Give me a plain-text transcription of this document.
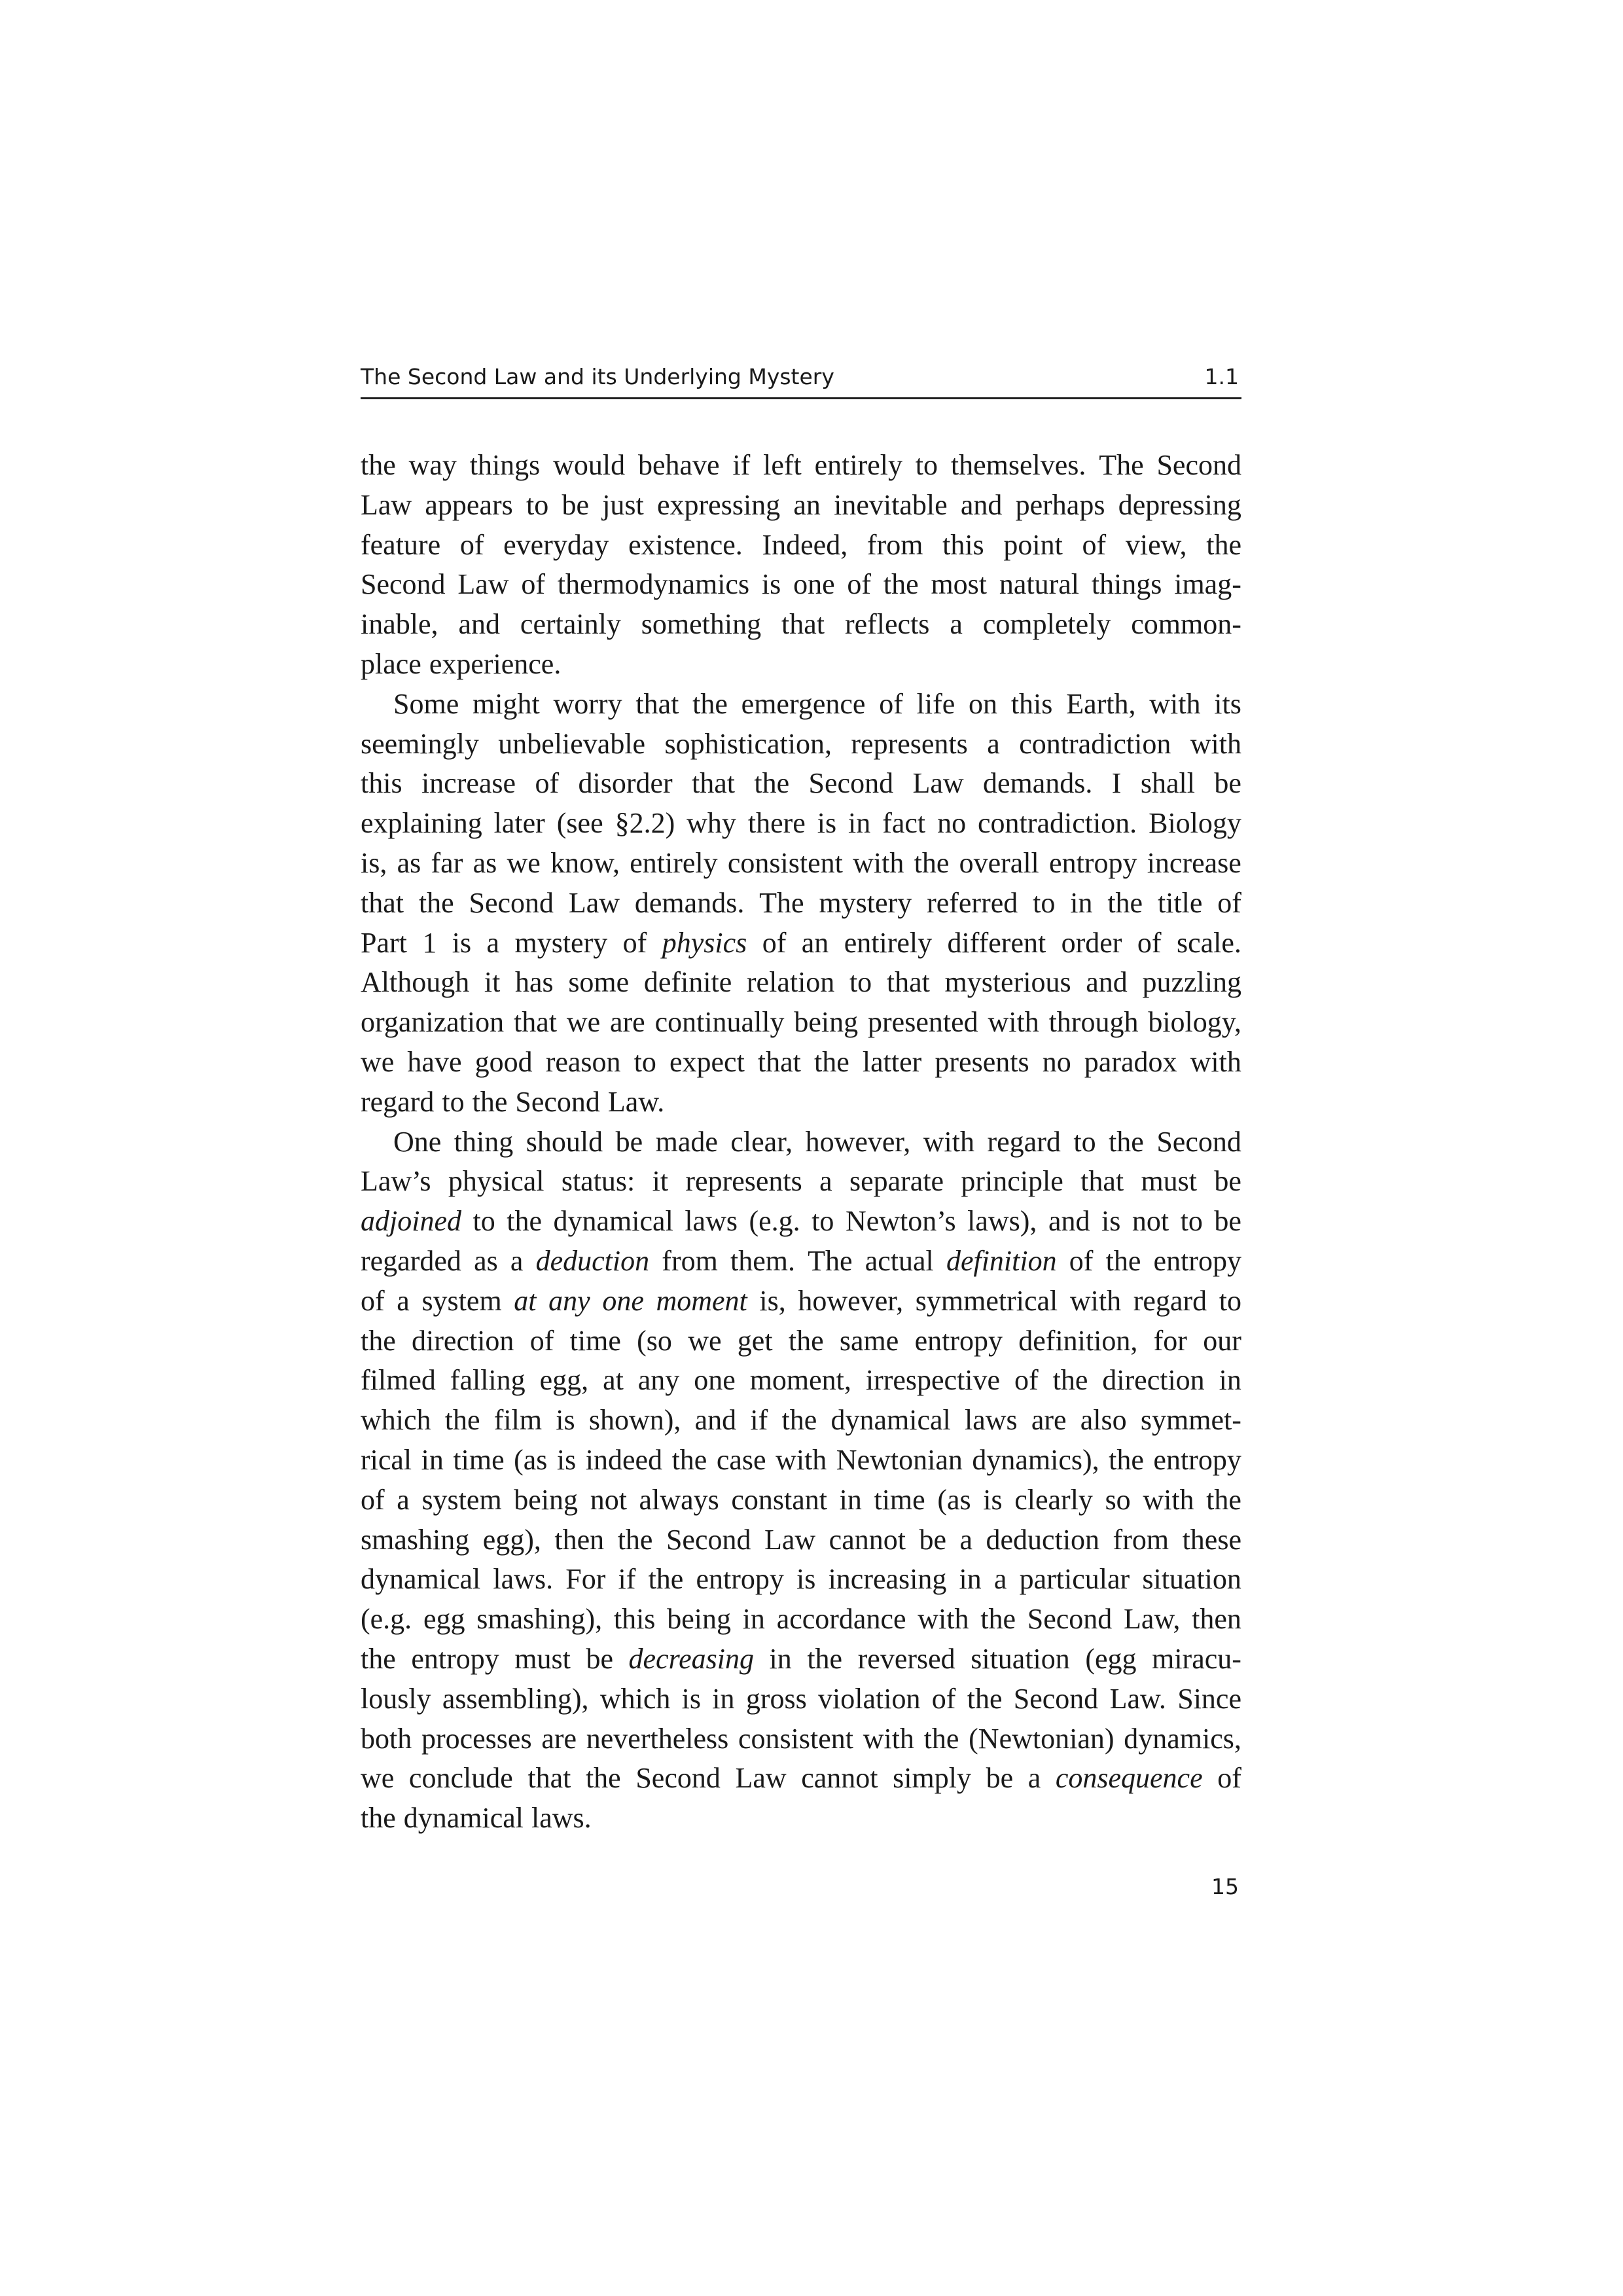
The Second Law and its Underlying Mystery	1.1
the way things would behave if left entirely to themselves. The Second
Law appears to be just expressing an inevitable and perhaps depressing
feature of everyday existence. Indeed, from this point of view, the
Second Law of thermodynamics is one of the most natural things imag-
inable, and certainly something that reflects a completely common-
place experience.
Some might worry that the emergence of life on this Earth, with its
seemingly unbelievable sophistication, represents a contradiction with
this increase of disorder that the Second Law demands. I shall be
explaining later (see §2.2) why there is in fact no contradiction. Biology
is, as far as we know, entirely consistent with the overall entropy increase
that the Second Law demands. The mystery referred to in the title of
Part 1 is a mystery of physics of an entirely different order of scale.
Although it has some definite relation to that mysterious and puzzling
organization that we are continually being presented with through biology,
we have good reason to expect that the latter presents no paradox with
regard to the Second Law.
One thing should be made clear, however, with regard to the Second
Law’s physical status: it represents a separate principle that must be
adjoined to the dynamical laws (e.g. to Newton’s laws), and is not to be
regarded as a deduction from them. The actual definition of the entropy
of a system at any one moment is, however, symmetrical with regard to
the direction of time (so we get the same entropy definition, for our
filmed falling egg, at any one moment, irrespective of the direction in
which the film is shown), and if the dynamical laws are also symmet-
rical in time (as is indeed the case with Newtonian dynamics), the entropy
of a system being not always constant in time (as is clearly so with the
smashing egg), then the Second Law cannot be a deduction from these
dynamical laws. For if the entropy is increasing in a particular situation
(e.g. egg smashing), this being in accordance with the Second Law, then
the entropy must be decreasing in the reversed situation (egg miracu-
lously assembling), which is in gross violation of the Second Law. Since
both processes are nevertheless consistent with the (Newtonian) dynamics,
we conclude that the Second Law cannot simply be a consequence of
the dynamical laws.
15
